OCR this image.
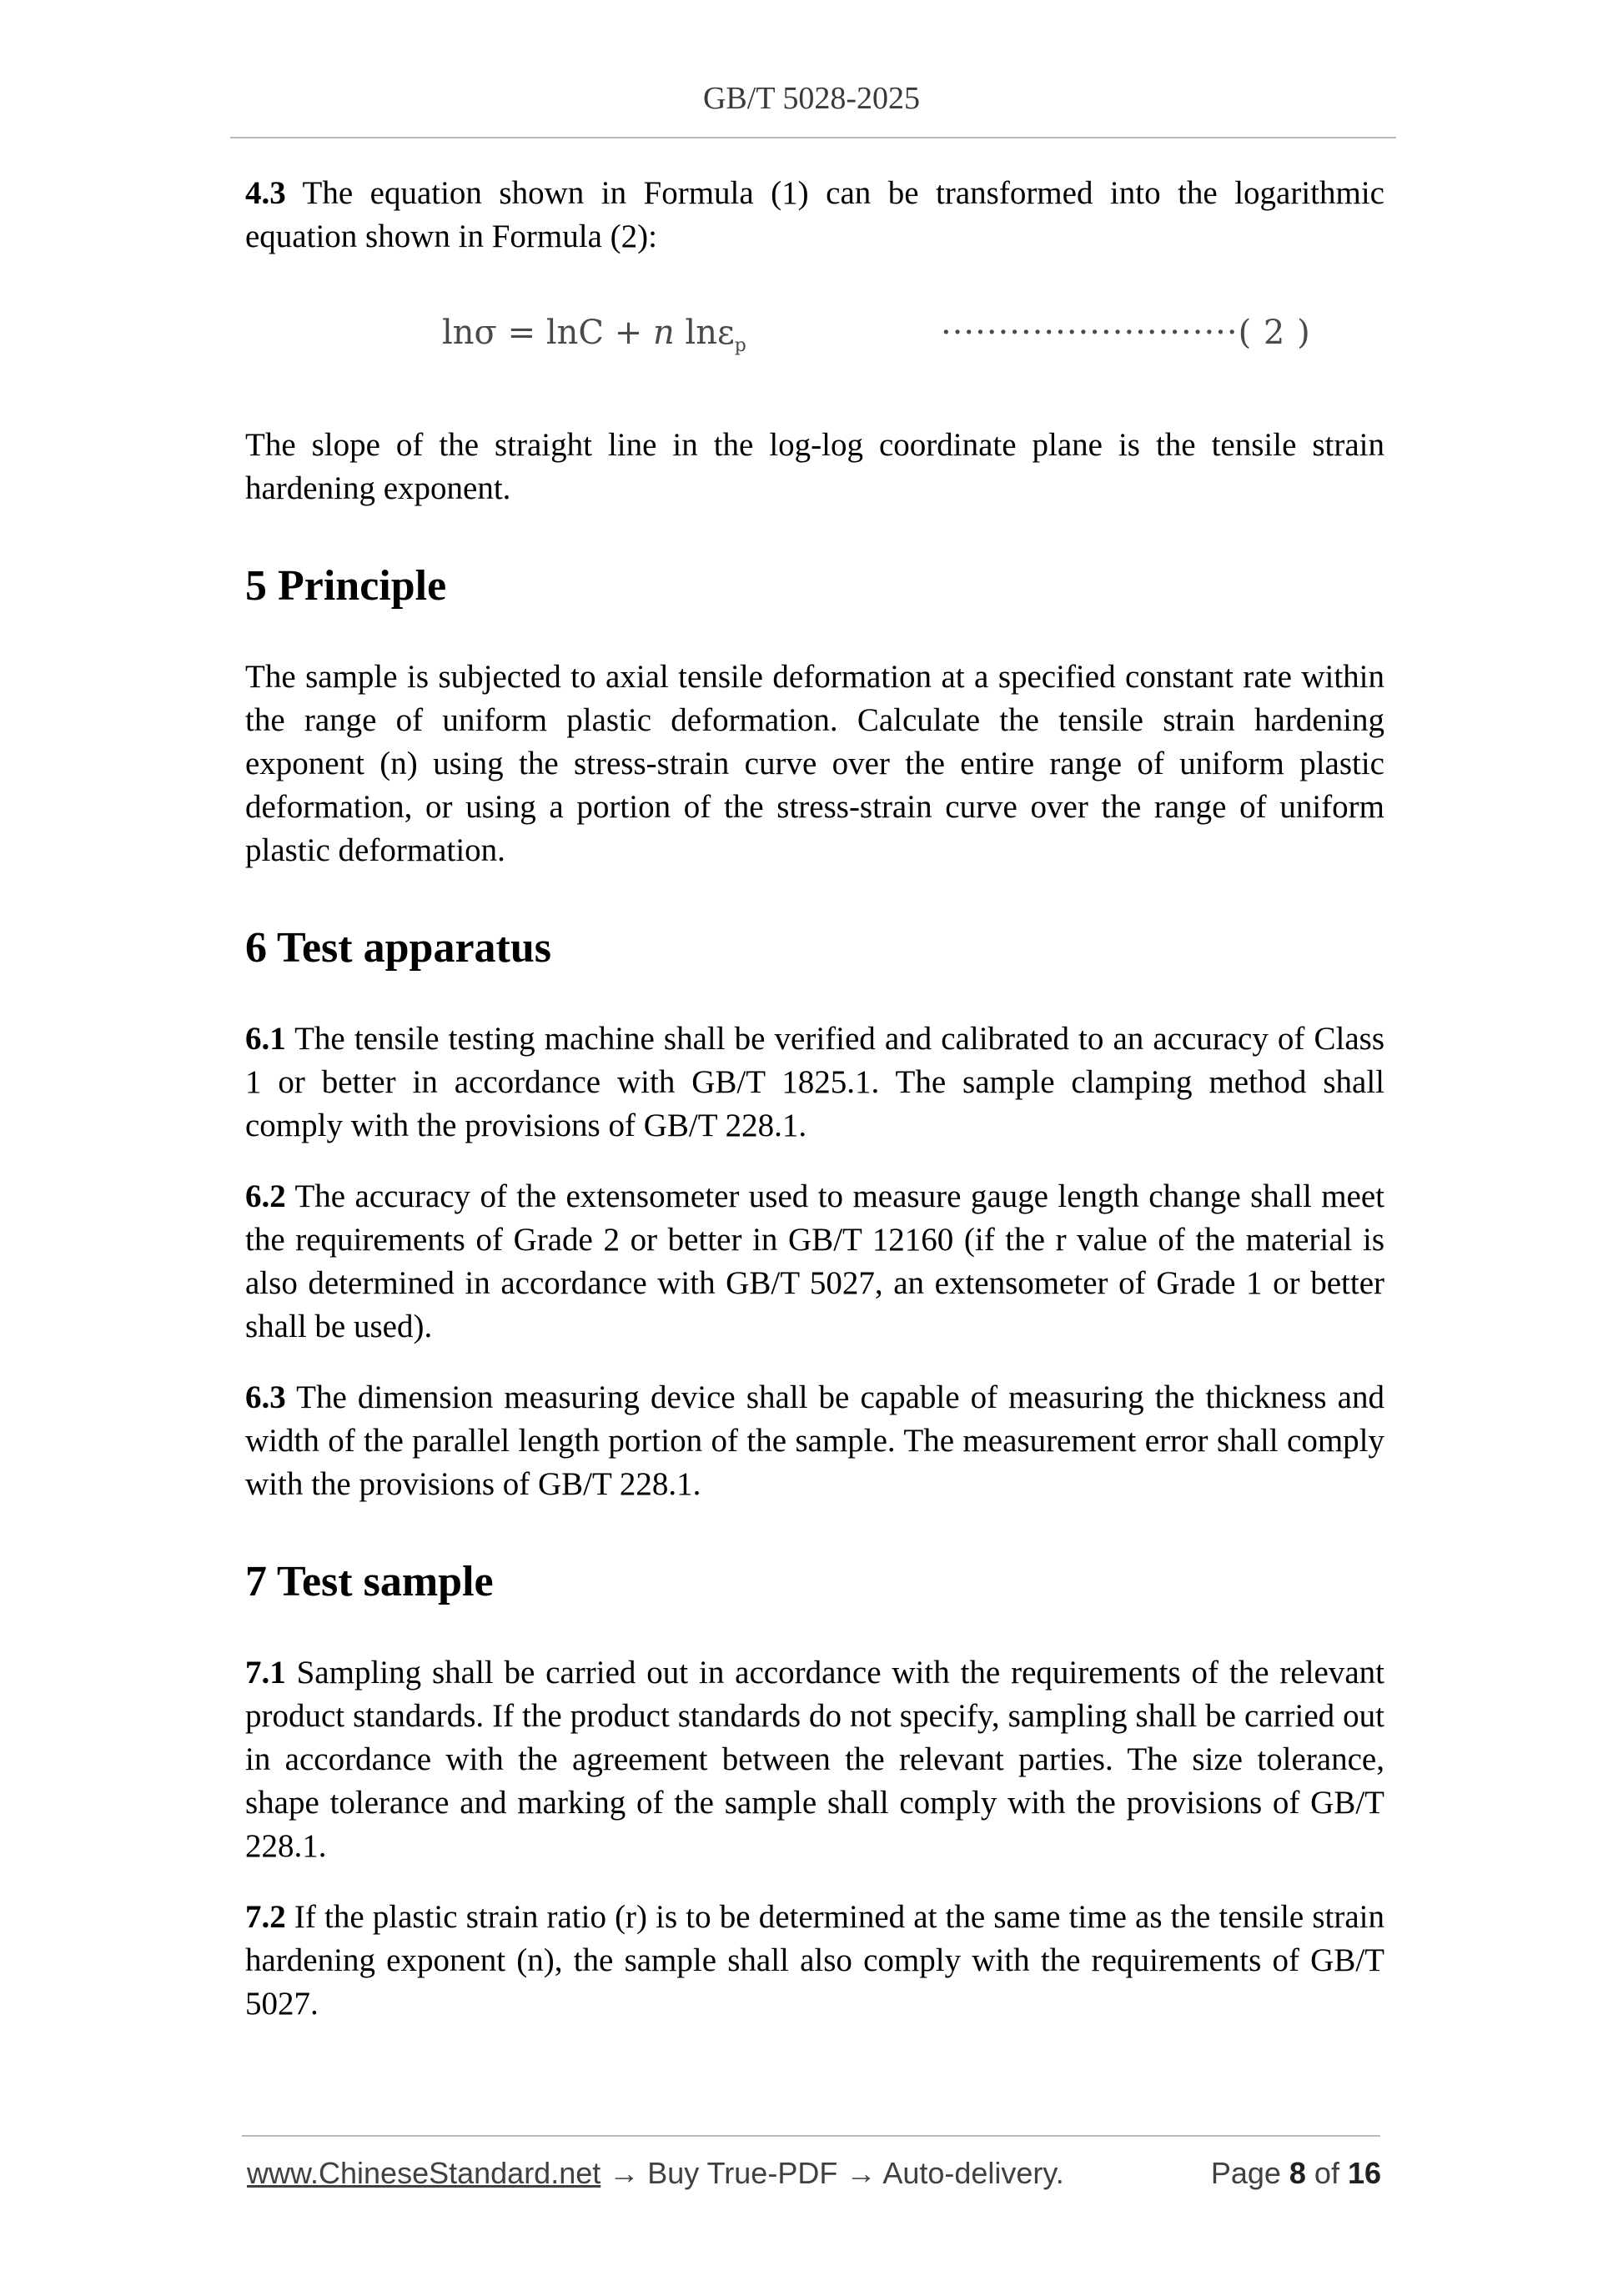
GB/T 5028-2025
lnσ = lnC + n lnε$_p$	··························( 2 )

4.3 The equation shown in Formula (1) can be transformed into the logarithmic equation shown in Formula (2):

The slope of the straight line in the log-log coordinate plane is the tensile strain hardening exponent.

5 Principle

The sample is subjected to axial tensile deformation at a specified constant rate within the range of uniform plastic deformation. Calculate the tensile strain hardening exponent (n) using the stress-strain curve over the entire range of uniform plastic deformation, or using a portion of the stress-strain curve over the range of uniform plastic deformation.

6 Test apparatus

6.1 The tensile testing machine shall be verified and calibrated to an accuracy of Class 1 or better in accordance with GB/T 1825.1. The sample clamping method shall comply with the provisions of GB/T 228.1.

6.2 The accuracy of the extensometer used to measure gauge length change shall meet the requirements of Grade 2 or better in GB/T 12160 (if the r value of the material is also determined in accordance with GB/T 5027, an extensometer of Grade 1 or better shall be used).

6.3 The dimension measuring device shall be capable of measuring the thickness and width of the parallel length portion of the sample. The measurement error shall comply with the provisions of GB/T 228.1.

7 Test sample

7.1 Sampling shall be carried out in accordance with the requirements of the relevant product standards. If the product standards do not specify, sampling shall be carried out in accordance with the agreement between the relevant parties. The size tolerance, shape tolerance and marking of the sample shall comply with the provisions of GB/T 228.1.

7.2 If the plastic strain ratio (r) is to be determined at the same time as the tensile strain hardening exponent (n), the sample shall also comply with the requirements of GB/T 5027.

www.ChineseStandard.net → Buy True-PDF → Auto-delivery.	Page 8 of 16
